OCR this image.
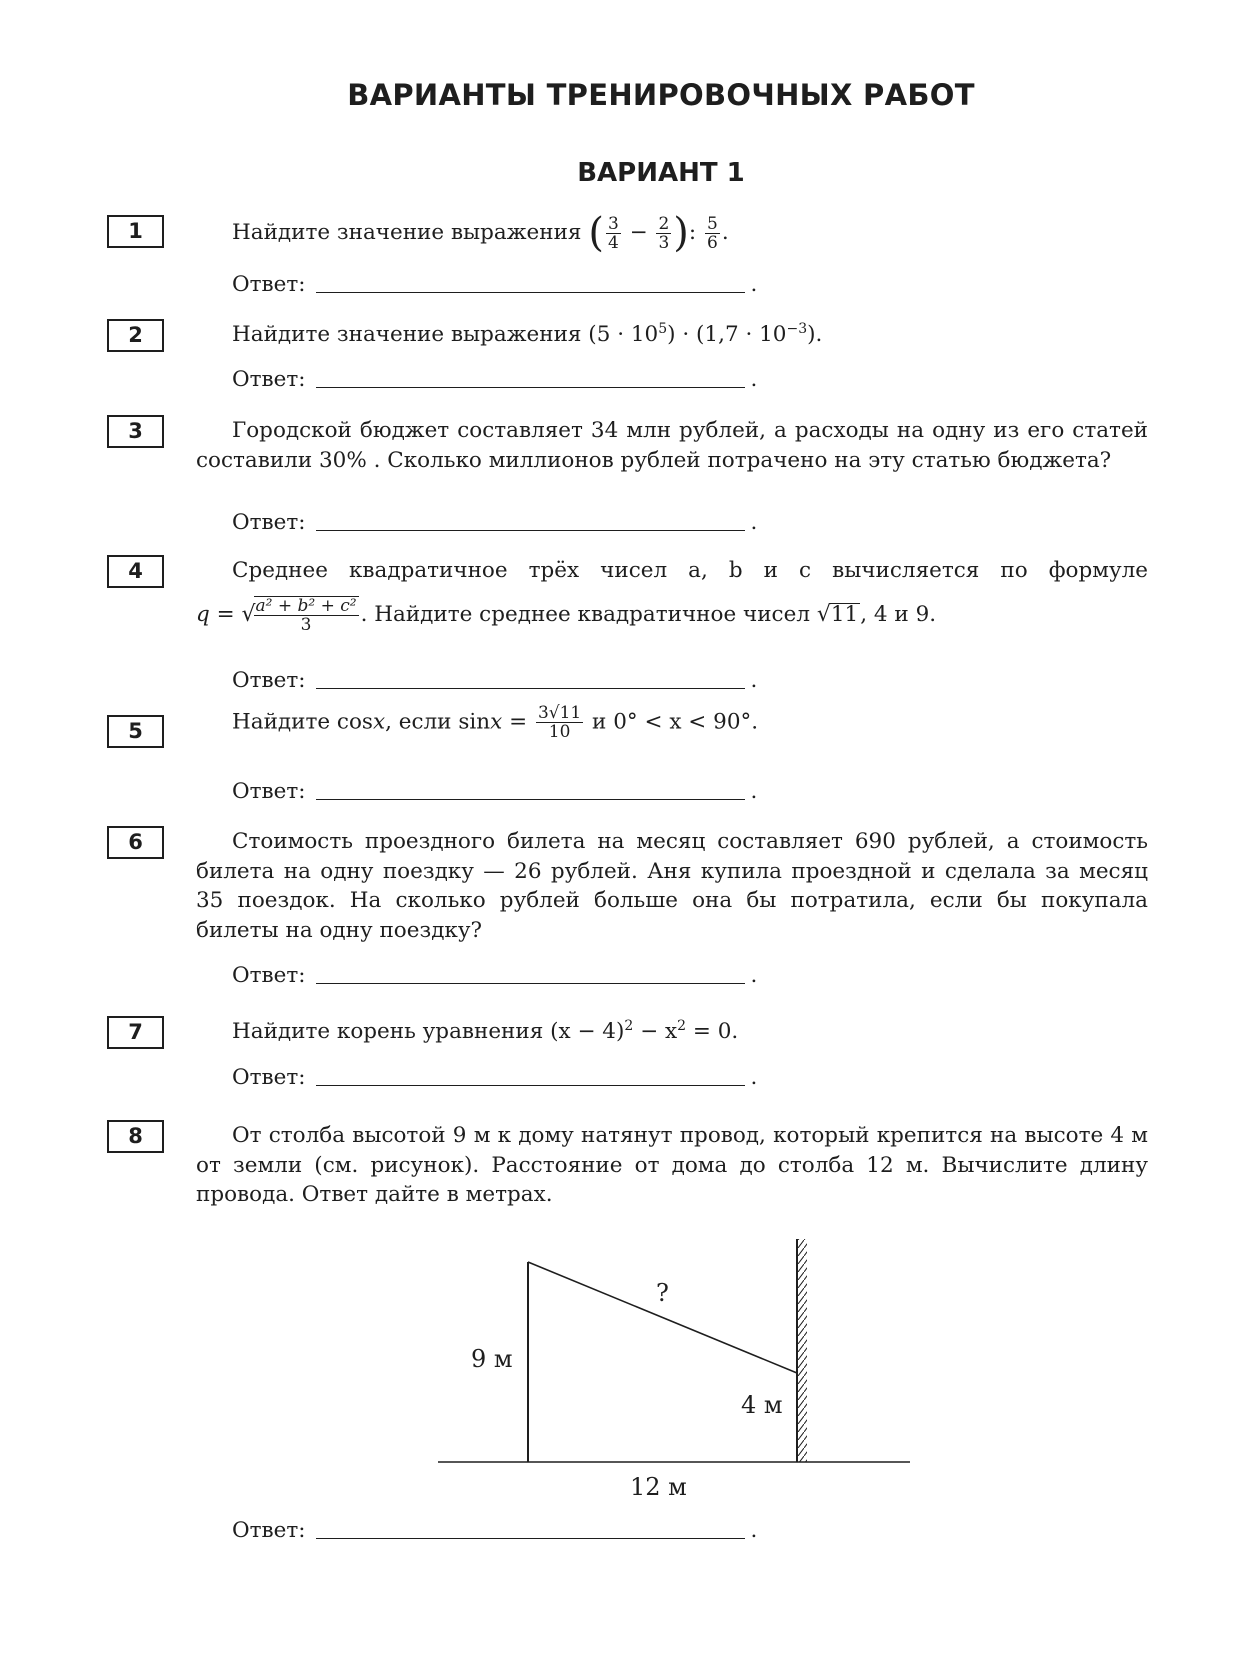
ВАРИАНТЫ ТРЕНИРОВОЧНЫХ РАБОТ
ВАРИАНТ 1
1	Найдите значение выражения ( $\frac{3}{4} - \frac{2}{3}$ ): $\frac{5}{6}$ .
Ответ:	.
2	Найдите значение выражения $(5 \cdot 10^5) \cdot (1,7 \cdot 10^{-3})$.
Ответ:	.
3	Городской бюджет составляет 34 млн рублей, а расходы на одну из его статей составили 30% . Сколько миллионов рублей потрачено на эту статью бюджета?
Ответ:	.
4	Среднее квадратичное трёх чисел a, b и c вычисляется по формуле
q = √
$\frac{\text{a² + b² + c²}}{3}$ . Найдите среднее квадратичное чисел √11, 4 и 9.
Ответ:	.
5	Найдите cosx, если $\sin x = \frac{3√11}{10}$ и 0° < x < 90°.
Ответ:	.
6	Стоимость проездного билета на месяц составляет 690 рублей, а стоимость билета на одну поездку — 26 рублей. Аня купила проездной и сделала за месяц 35 поездок. На сколько рублей больше она бы потратила, если бы покупала билеты на одну поездку?
Ответ:	.
7	Найдите корень уравнения $(x - 4)^2 - x^2 = 0$.
Ответ:	.
8	От столба высотой 9 м к дому натянут провод, который крепится на высоте 4 м от земли (см. рисунок). Расстояние от дома до столба 12 м. Вычислите длину провода. Ответ дайте в метрах.
?
9 м
4 м
12 м
Ответ:	.
